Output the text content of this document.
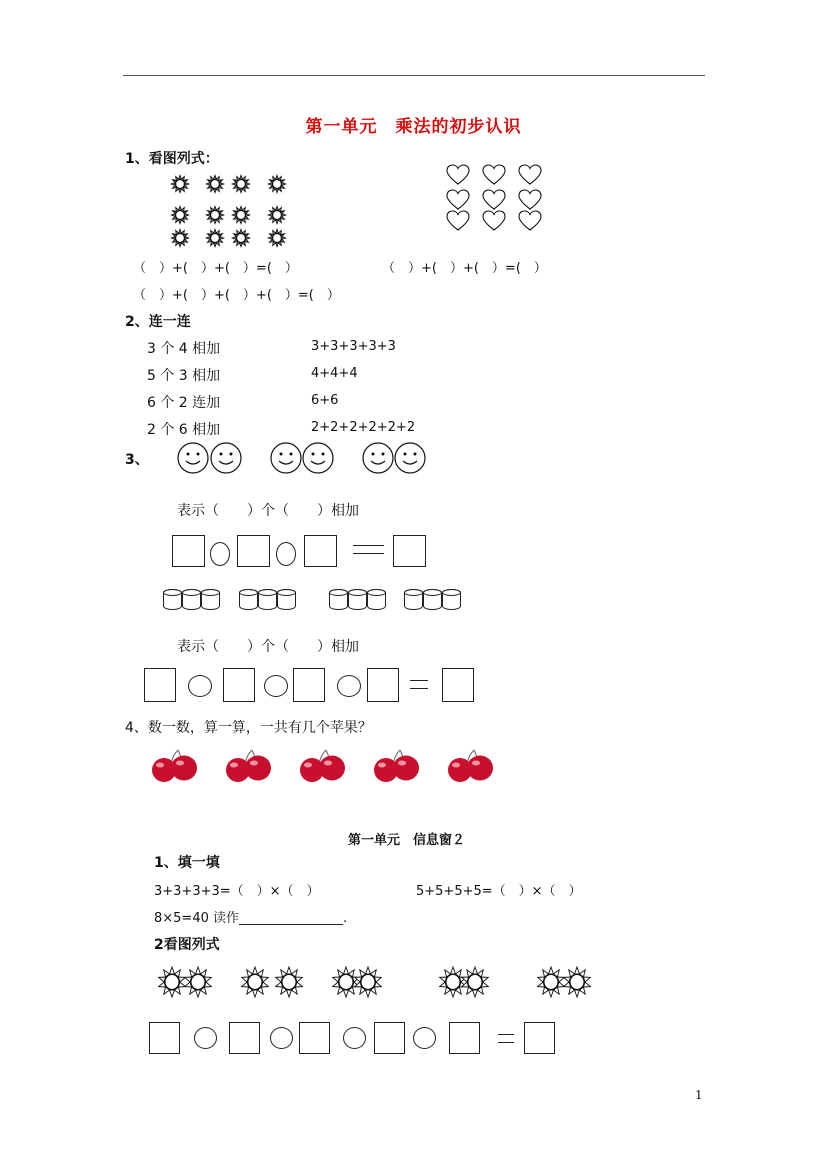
第一单元　乘法的初步认识
1、看图列式：
（　）+(　）+(　）=(　）	（　）+(　）+(　）=(　）
（　）+(　）+(　）+(　）=(　）
2、连一连
3 个 4 相加
5 个 3 相加
6 个 2 连加
2 个 6 相加
3+3+3+3+3
4+4+4
6+6
2+2+2+2+2+2
3、
表示（　　）个（　　）相加
表示（　　）个（　　）相加
4、数一数，算一算，一共有几个苹果？
第一单元　信息窗２
1、填一填
3+3+3+3=（　）×（　）	5+5+5+5=（　）×（　）
8×5=40 读作________________.
2看图列式
1
